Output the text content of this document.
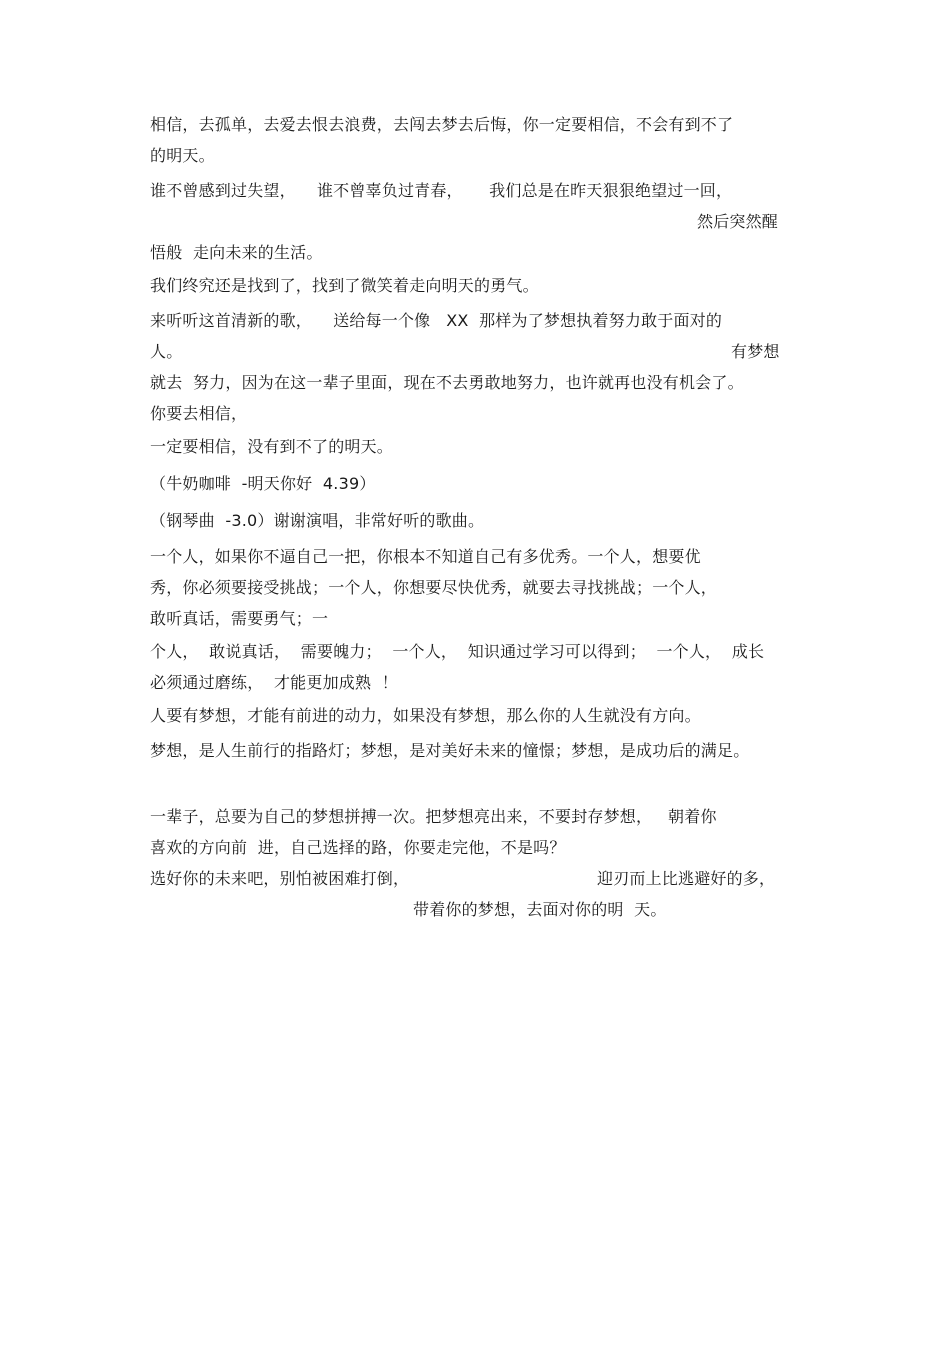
相信，去孤单，去爱去恨去浪费，去闯去梦去后悔，你一定要相信，不会有到不了
的明天。
谁不曾感到过失望，    谁不曾辜负过青春，     我们总是在昨天狠狠绝望过一回，
然后突然醒
悟般  走向未来的生活。
我们终究还是找到了，找到了微笑着走向明天的勇气。
来听听这首清新的歌，    送给每一个像   XX  那样为了梦想执着努力敢于面对的
人。	有梦想
就去  努力，因为在这一辈子里面，现在不去勇敢地努力，也许就再也没有机会了。
你要去相信，
一定要相信，没有到不了的明天。
（牛奶咖啡  -明天你好  4.39）
（钢琴曲  -3.0）谢谢演唱，非常好听的歌曲。
一个人，如果你不逼自己一把，你根本不知道自己有多优秀。一个人，想要优
秀，你必须要接受挑战；一个人，你想要尽快优秀，就要去寻找挑战；一个人，
敢听真话，需要勇气；一
个人，  敢说真话，  需要魄力；  一个人，  知识通过学习可以得到；  一个人，  成长
必须通过磨练，  才能更加成熟  ！
人要有梦想，才能有前进的动力，如果没有梦想，那么你的人生就没有方向。
梦想，是人生前行的指路灯；梦想，是对美好未来的憧憬；梦想，是成功后的满足。
一辈子，总要为自己的梦想拼搏一次。把梦想亮出来，不要封存梦想，   朝着你
喜欢的方向前  进，自己选择的路，你要走完他，不是吗？
选好你的未来吧，别怕被困难打倒，	迎刃而上比逃避好的多，
带着你的梦想，去面对你的明  天。
